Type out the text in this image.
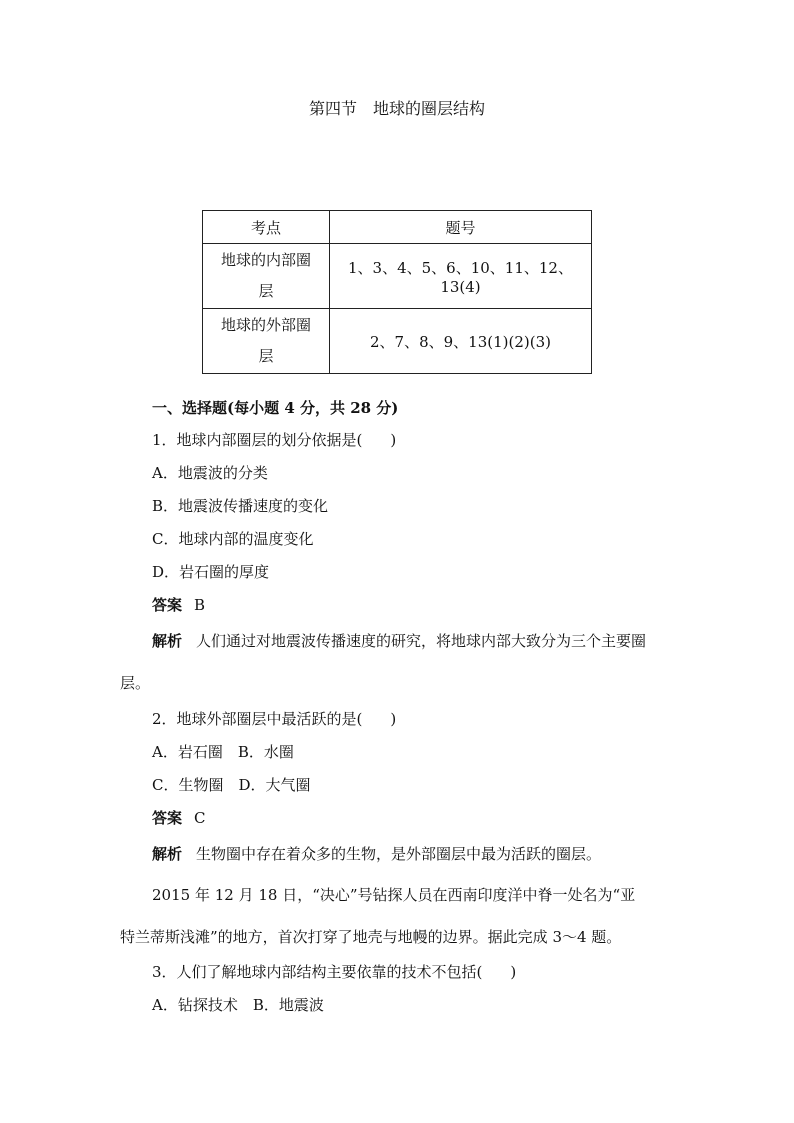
第四节 地球的圈层结构
考点	题号
地球的内部圈
层	1、3、4、5、6、10、11、12、13(4)
地球的外部圈
层	2、7、8、9、13(1)(2)(3)
一、选择题(每小题 4 分，共 28 分)
1．地球内部圈层的划分依据是( )
A．地震波的分类
B．地震波传播速度的变化
C．地球内部的温度变化
D．岩石圈的厚度
答案 B
解析 人们通过对地震波传播速度的研究，将地球内部大致分为三个主要圈
层。
2．地球外部圈层中最活跃的是( )
A．岩石圈　B．水圈
C．生物圈　D．大气圈
答案 C
解析 生物圈中存在着众多的生物，是外部圈层中最为活跃的圈层。
2015 年 12 月 18 日，“决心”号钻探人员在西南印度洋中脊一处名为“亚
特兰蒂斯浅滩”的地方，首次打穿了地壳与地幔的边界。据此完成 3～4 题。
3．人们了解地球内部结构主要依靠的技术不包括( )
A．钻探技术　B．地震波
